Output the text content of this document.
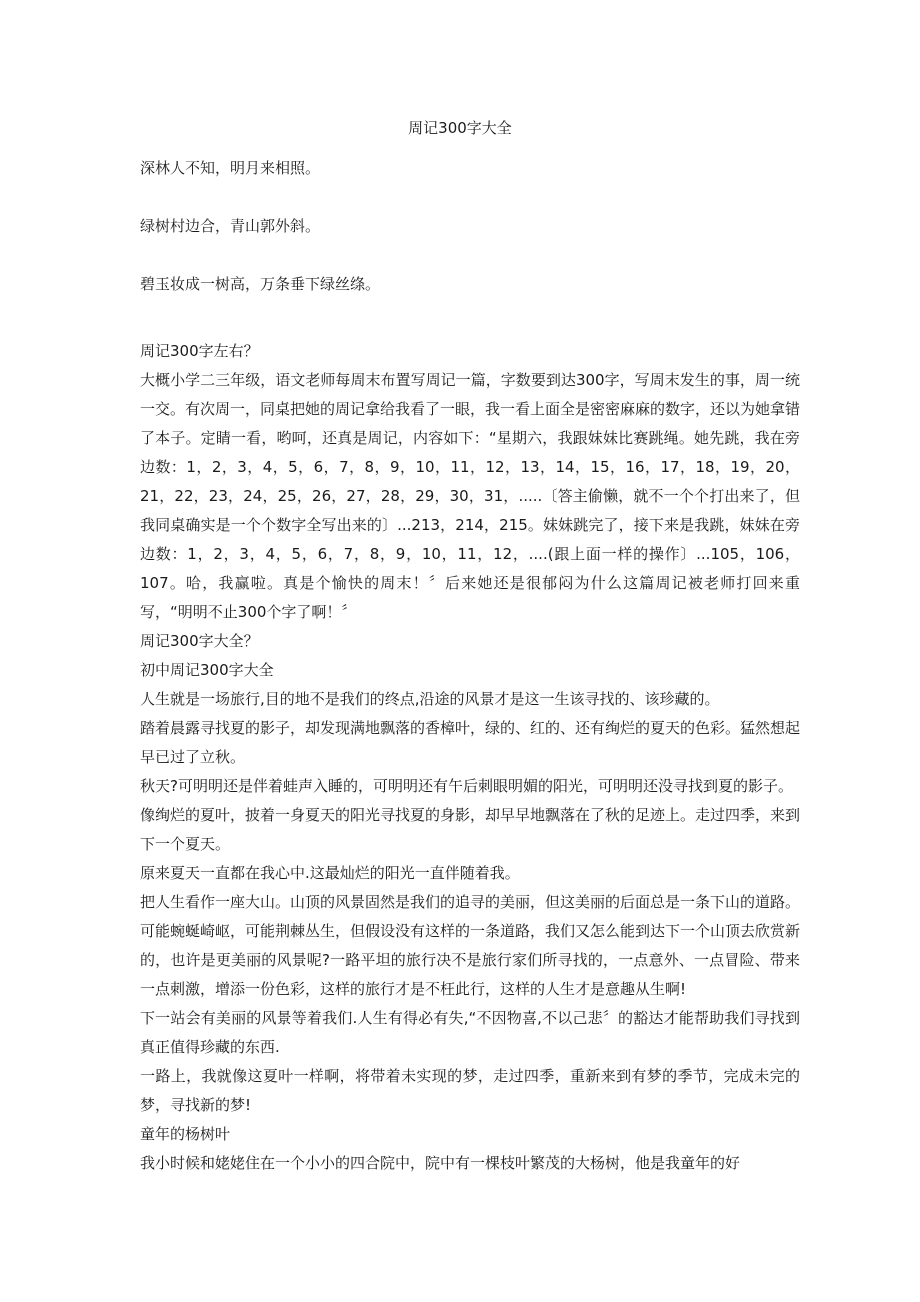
周记300字大全

深林人不知，明月来相照。

绿树村边合，青山郭外斜。

碧玉妆成一树高，万条垂下绿丝绦。

周记300字左右？

大概小学二三年级，语文老师每周末布置写周记一篇，字数要到达300字，写周末发生的事，周一统一交。有次周一，同桌把她的周记拿给我看了一眼，我一看上面全是密密麻麻的数字，还以为她拿错了本子。定睛一看，哟呵，还真是周记，内容如下：“星期六，我跟妹妹比赛跳绳。她先跳，我在旁边数：1，2，3，4，5，6，7，8，9，10，11，12，13，14，15，16，17，18，19，20，21，22，23，24，25，26，27，28，29，30，31，.....〔答主偷懒，就不一个个打出来了，但我同桌确实是一个个数字全写出来的〕...213，214，215。妹妹跳完了，接下来是我跳，妹妹在旁边数：1，2，3，4，5，6，7，8，9，10，11，12，....(跟上面一样的操作〕...105，106，107。哈，我赢啦。真是个愉快的周末！〞后来她还是很郁闷为什么这篇周记被老师打回来重写，“明明不止300个字了啊！〞

周记300字大全？

初中周记300字大全

人生就是一场旅行,目的地不是我们的终点,沿途的风景才是这一生该寻找的、该珍藏的。

踏着晨露寻找夏的影子，却发现满地飘落的香樟叶，绿的、红的、还有绚烂的夏天的色彩。猛然想起早已过了立秋。

秋天?可明明还是伴着蛙声入睡的，可明明还有午后刺眼明媚的阳光，可明明还没寻找到夏的影子。

像绚烂的夏叶，披着一身夏天的阳光寻找夏的身影，却早早地飘落在了秋的足迹上。走过四季，来到下一个夏天。

原来夏天一直都在我心中.这最灿烂的阳光一直伴随着我。

把人生看作一座大山。山顶的风景固然是我们的追寻的美丽，但这美丽的后面总是一条下山的道路。可能蜿蜒崎岖，可能荆棘丛生，但假设没有这样的一条道路，我们又怎么能到达下一个山顶去欣赏新的，也许是更美丽的风景呢?一路平坦的旅行决不是旅行家们所寻找的，一点意外、一点冒险、带来一点刺激，增添一份色彩，这样的旅行才是不枉此行，这样的人生才是意趣从生啊!

下一站会有美丽的风景等着我们.人生有得必有失,“不因物喜,不以己悲〞的豁达才能帮助我们寻找到真正值得珍藏的东西.

一路上，我就像这夏叶一样啊，将带着未实现的梦，走过四季，重新来到有梦的季节，完成未完的梦，寻找新的梦!

童年的杨树叶

我小时候和姥姥住在一个小小的四合院中，院中有一棵枝叶繁茂的大杨树，他是我童年的好
